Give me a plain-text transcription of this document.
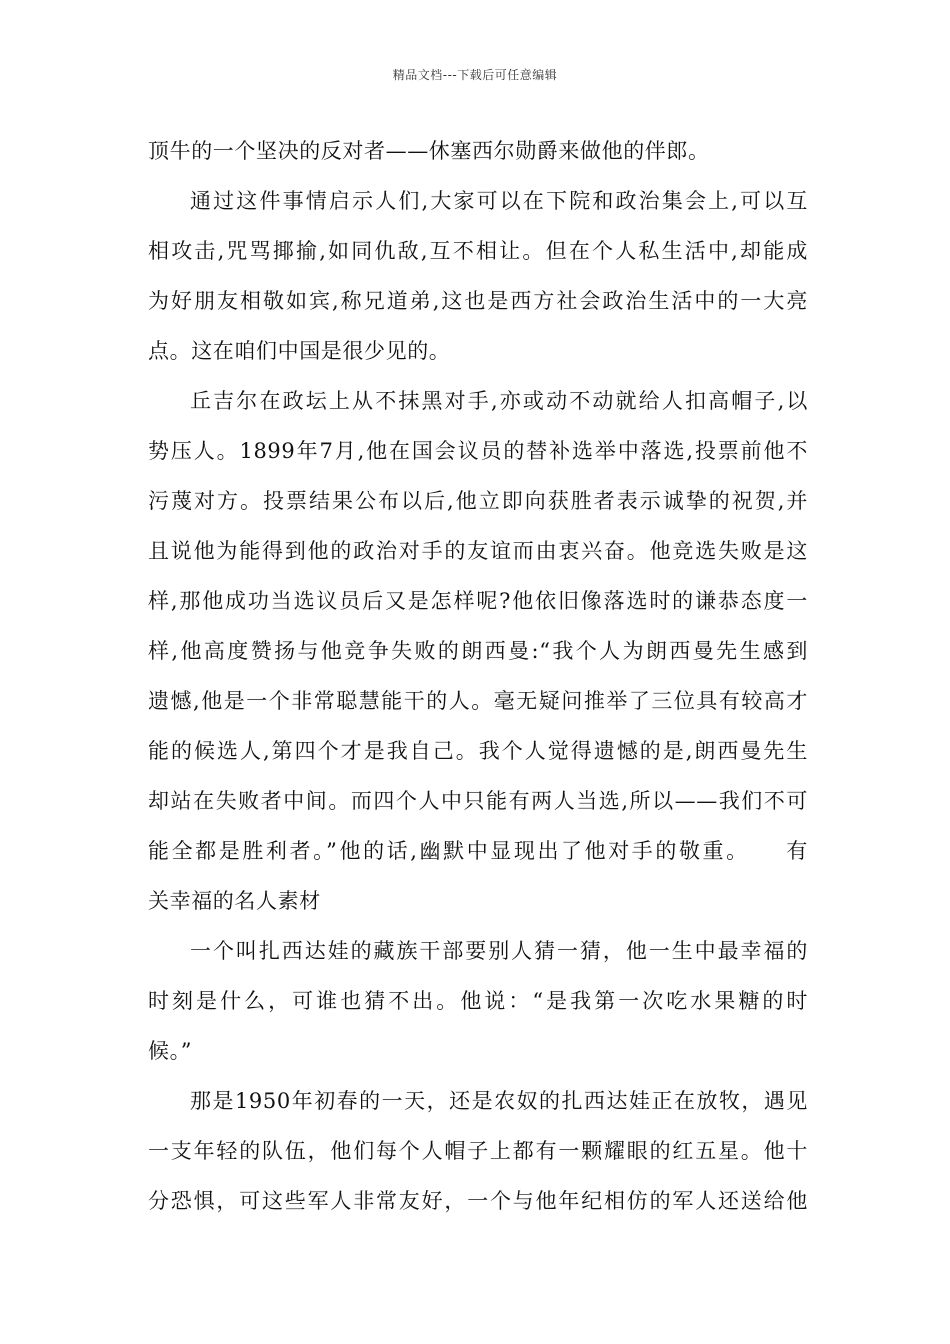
精品文档---下载后可任意编辑
顶牛的一个坚决的反对者——休塞西尔勋爵来做他的伴郎。
通过这件事情启示人们,大家可以在下院和政治集会上,可以互
相攻击,咒骂揶揄,如同仇敌,互不相让。但在个人私生活中,却能成
为好朋友相敬如宾,称兄道弟,这也是西方社会政治生活中的一大亮
点。这在咱们中国是很少见的。
丘吉尔在政坛上从不抹黑对手,亦或动不动就给人扣高帽子,以
势压人。1899年7月,他在国会议员的替补选举中落选,投票前他不
污蔑对方。投票结果公布以后,他立即向获胜者表示诚挚的祝贺,并
且说他为能得到他的政治对手的友谊而由衷兴奋。他竞选失败是这
样,那他成功当选议员后又是怎样呢?他依旧像落选时的谦恭态度一
样,他高度赞扬与他竞争失败的朗西曼:“我个人为朗西曼先生感到
遗憾,他是一个非常聪慧能干的人。毫无疑问推举了三位具有较高才
能的候选人,第四个才是我自己。我个人觉得遗憾的是,朗西曼先生
却站在失败者中间。而四个人中只能有两人当选,所以——我们不可
能全都是胜利者。”他的话,幽默中显现出了他对手的敬重。　　有
关幸福的名人素材
一个叫扎西达娃的藏族干部要别人猜一猜，他一生中最幸福的
时刻是什么，可谁也猜不出。他说：“是我第一次吃水果糖的时
候。”
那是1950年初春的一天，还是农奴的扎西达娃正在放牧，遇见
一支年轻的队伍，他们每个人帽子上都有一颗耀眼的红五星。他十
分恐惧，可这些军人非常友好，一个与他年纪相仿的军人还送给他
